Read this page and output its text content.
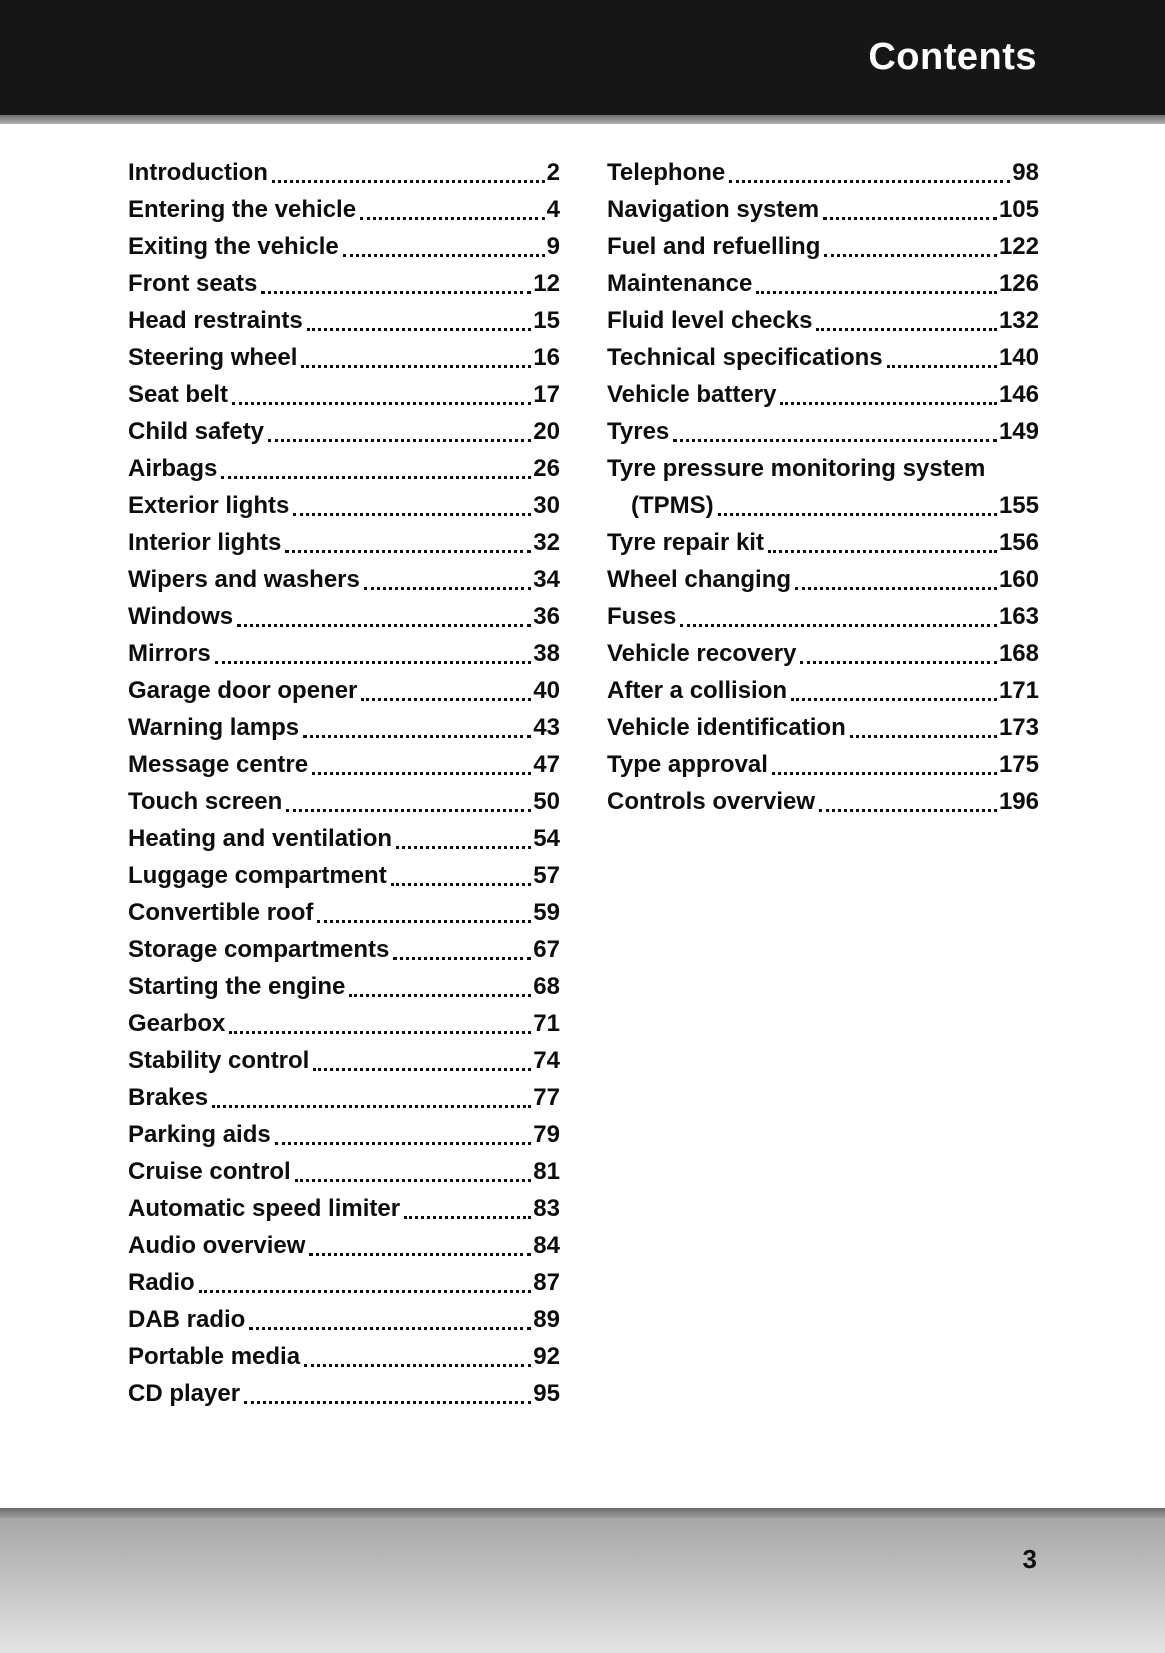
Contents
Introduction	2
Entering the vehicle	4
Exiting the vehicle	9
Front seats	12
Head restraints	15
Steering wheel	16
Seat belt	17
Child safety	20
Airbags	26
Exterior lights	30
Interior lights	32
Wipers and washers	34
Windows	36
Mirrors	38
Garage door opener	40
Warning lamps	43
Message centre	47
Touch screen	50
Heating and ventilation	54
Luggage compartment	57
Convertible roof	59
Storage compartments	67
Starting the engine	68
Gearbox	71
Stability control	74
Brakes	77
Parking aids	79
Cruise control	81
Automatic speed limiter	83
Audio overview	84
Radio	87
DAB radio	89
Portable media	92
CD player	95
Telephone	98
Navigation system	105
Fuel and refuelling	122
Maintenance	126
Fluid level checks	132
Technical specifications	140
Vehicle battery	146
Tyres	149
Tyre pressure monitoring system
(TPMS)	155
Tyre repair kit	156
Wheel changing	160
Fuses	163
Vehicle recovery	168
After a collision	171
Vehicle identification	173
Type approval	175
Controls overview	196
3
